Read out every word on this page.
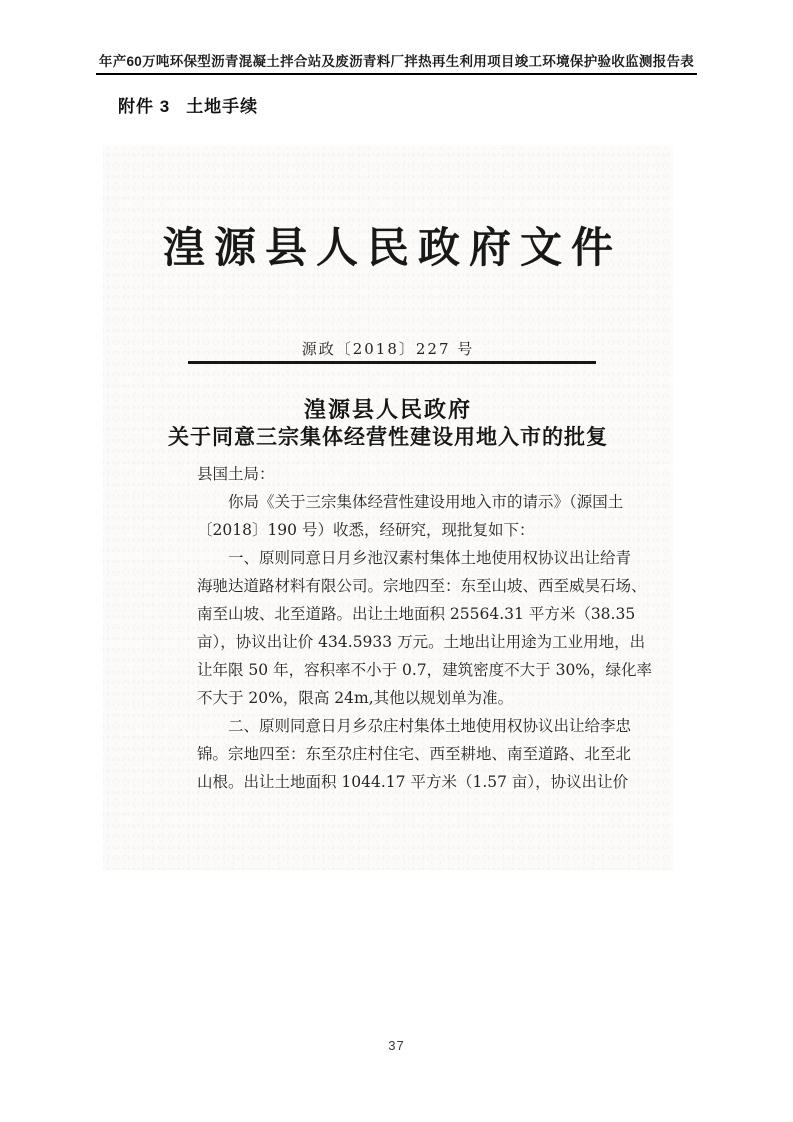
年产60万吨环保型沥青混凝土拌合站及废沥青料厂拌热再生利用项目竣工环境保护验收监测报告表
附件 3 土地手续
湟源县人民政府文件
源政〔2018〕227 号
湟源县人民政府
关于同意三宗集体经营性建设用地入市的批复
县国土局：
你局《关于三宗集体经营性建设用地入市的请示》（源国土
〔2018〕190 号）收悉，经研究，现批复如下：
一、原则同意日月乡池汉素村集体土地使用权协议出让给青
海驰达道路材料有限公司。宗地四至：东至山坡、西至威昊石场、
南至山坡、北至道路。出让土地面积 25564.31 平方米（38.35
亩），协议出让价 434.5933 万元。土地出让用途为工业用地，出
让年限 50 年，容积率不小于 0.7，建筑密度不大于 30%，绿化率
不大于 20%，限高 24m,其他以规划单为准。
二、原则同意日月乡尕庄村集体土地使用权协议出让给李忠
锦。宗地四至：东至尕庄村住宅、西至耕地、南至道路、北至北
山根。出让土地面积 1044.17 平方米（1.57 亩），协议出让价
37
